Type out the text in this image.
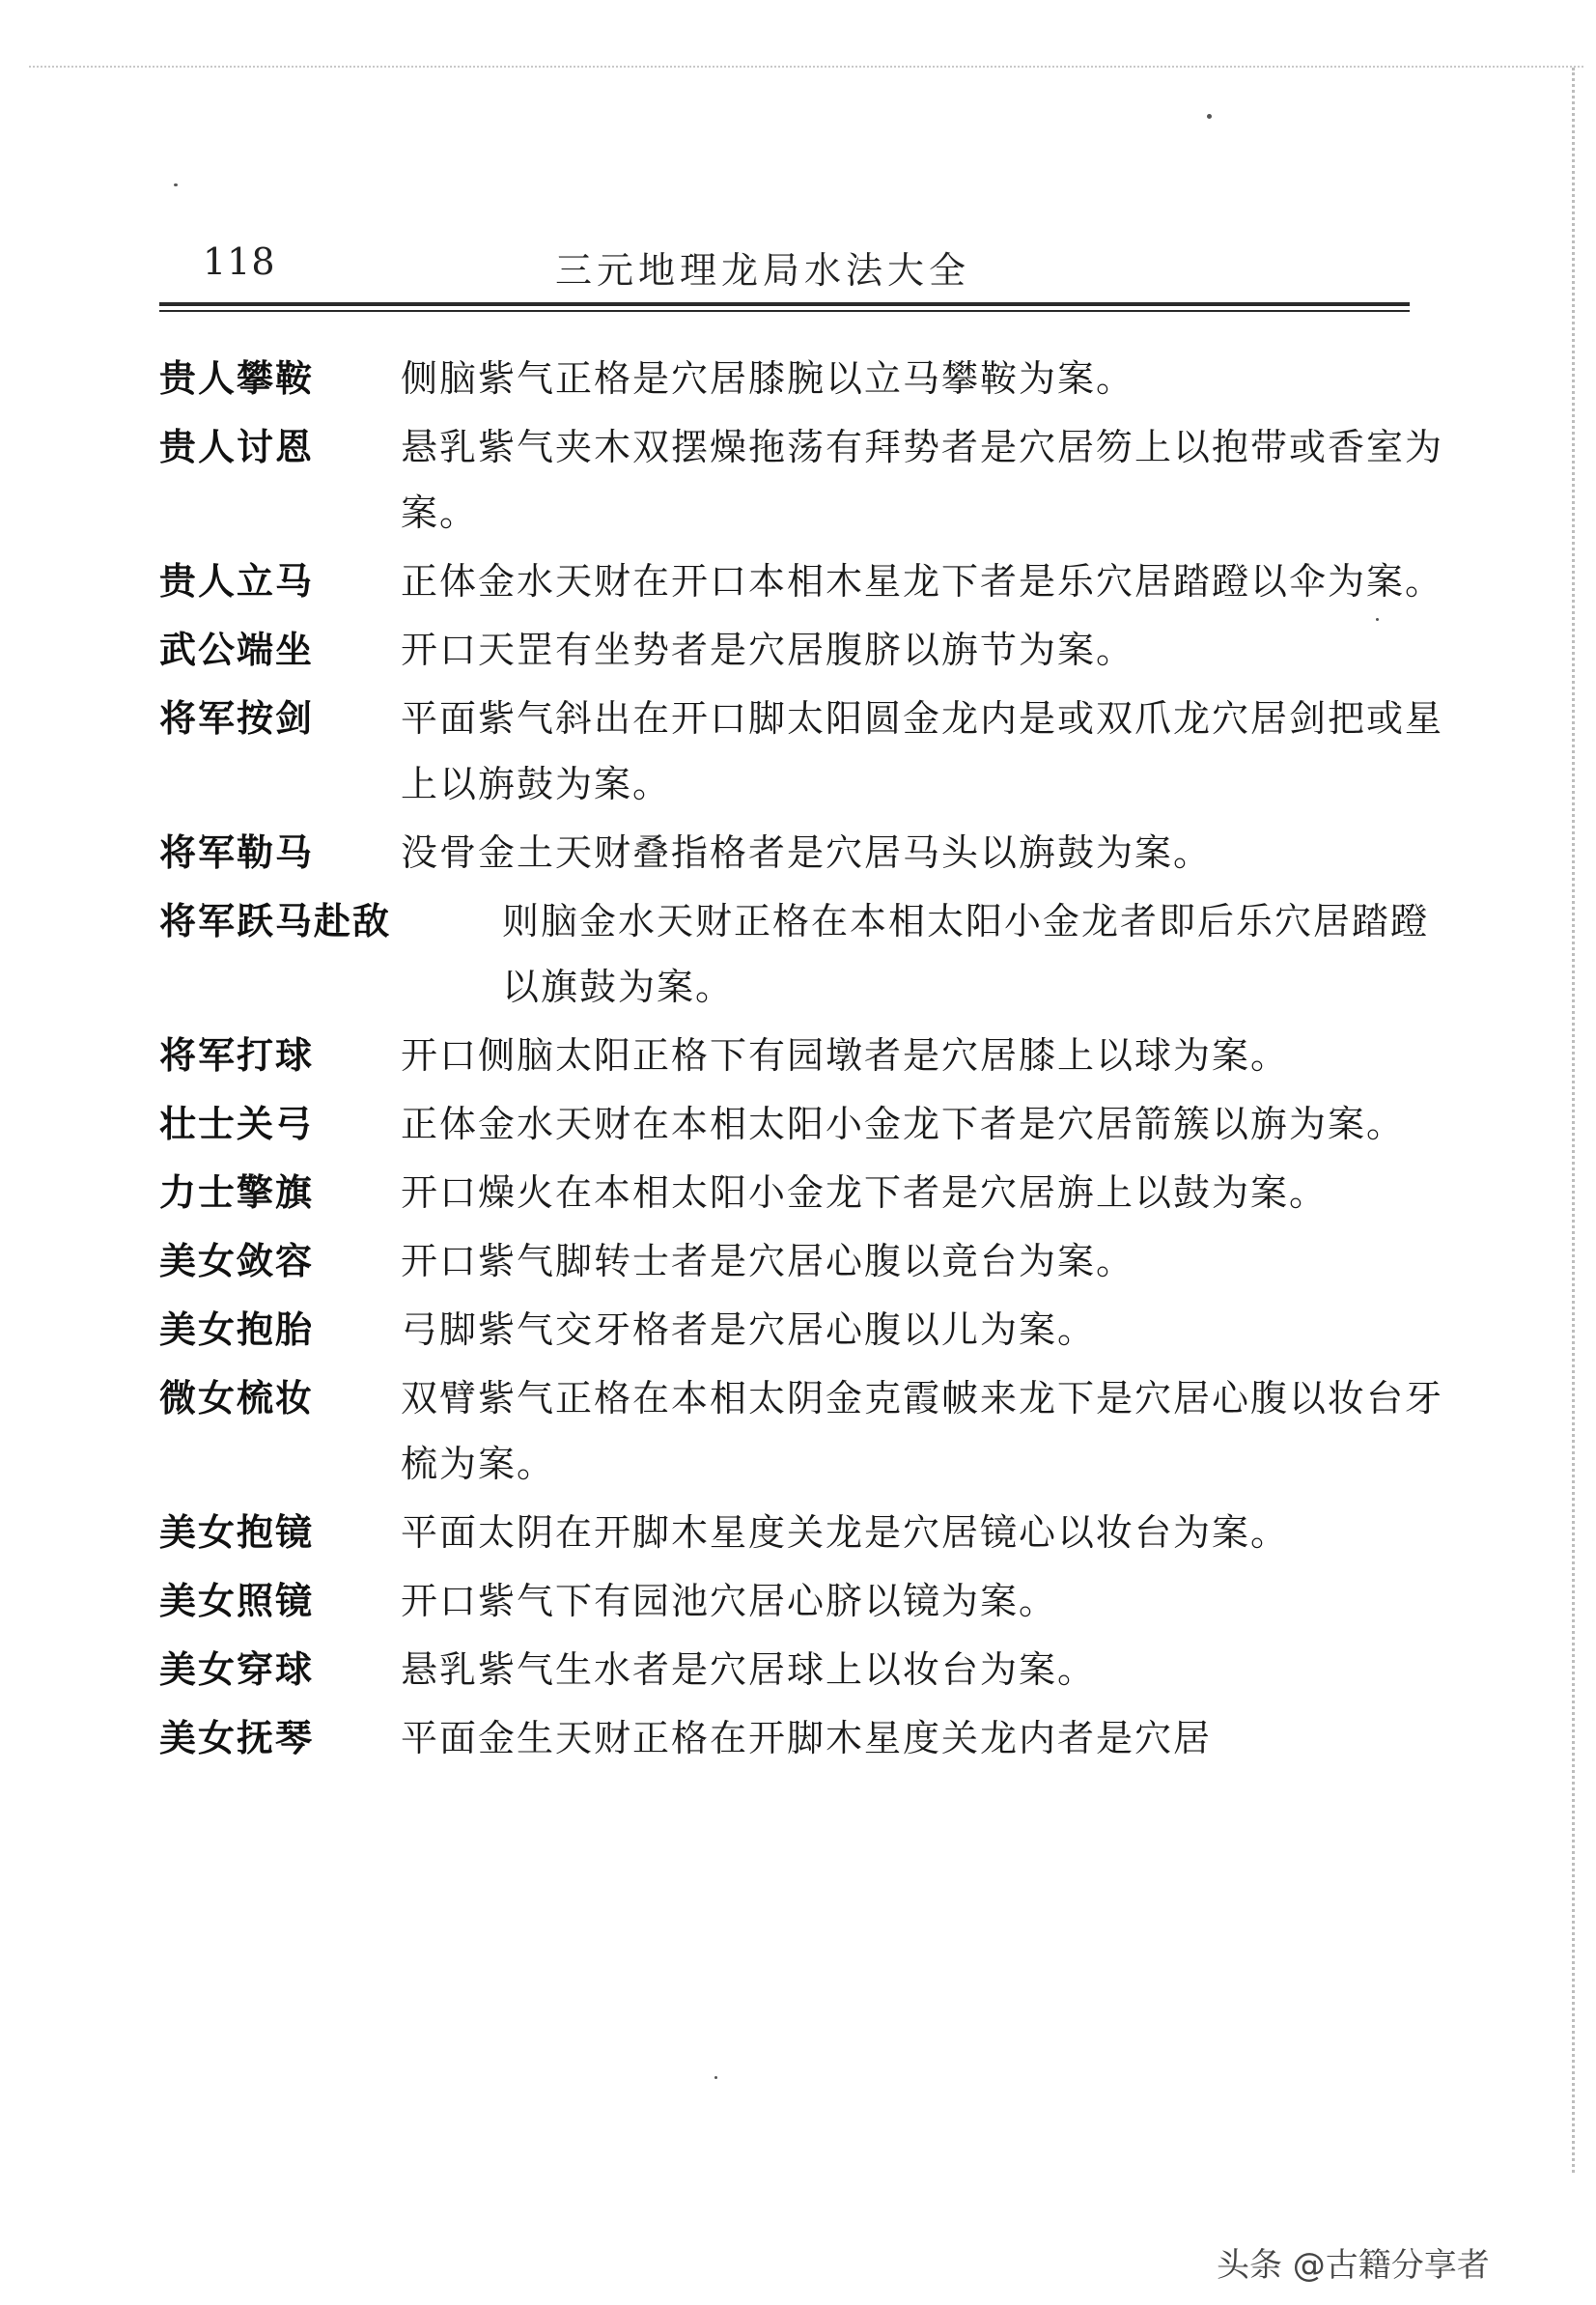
118	三元地理龙局水法大全
贵人攀鞍	侧脑紫气正格是穴居膝腕以立马攀鞍为案。
贵人讨恩	悬乳紫气夹木双摆燥拖荡有拜势者是穴居笏上以抱带或香室为案。
贵人立马	正体金水天财在开口本相木星龙下者是乐穴居踏蹬以伞为案。
武公端坐	开口天罡有坐势者是穴居腹脐以旃节为案。
将军按剑	平面紫气斜出在开口脚太阳圆金龙内是或双爪龙穴居剑把或星上以旃鼓为案。
将军勒马	没骨金土天财叠指格者是穴居马头以旃鼓为案。
将军跃马赴敌	则脑金水天财正格在本相太阳小金龙者即后乐穴居踏蹬以旗鼓为案。
将军打球	开口侧脑太阳正格下有园墩者是穴居膝上以球为案。
壮士关弓	正体金水天财在本相太阳小金龙下者是穴居箭簇以旃为案。
力士擎旗	开口燥火在本相太阳小金龙下者是穴居旃上以鼓为案。
美女敛容	开口紫气脚转士者是穴居心腹以竟台为案。
美女抱胎	弓脚紫气交牙格者是穴居心腹以儿为案。
微女梳妆	双臂紫气正格在本相太阴金克霞帔来龙下是穴居心腹以妆台牙梳为案。
美女抱镜	平面太阴在开脚木星度关龙是穴居镜心以妆台为案。
美女照镜	开口紫气下有园池穴居心脐以镜为案。
美女穿球	悬乳紫气生水者是穴居球上以妆台为案。
美女抚琴	平面金生天财正格在开脚木星度关龙内者是穴居
头条 @古籍分享者
